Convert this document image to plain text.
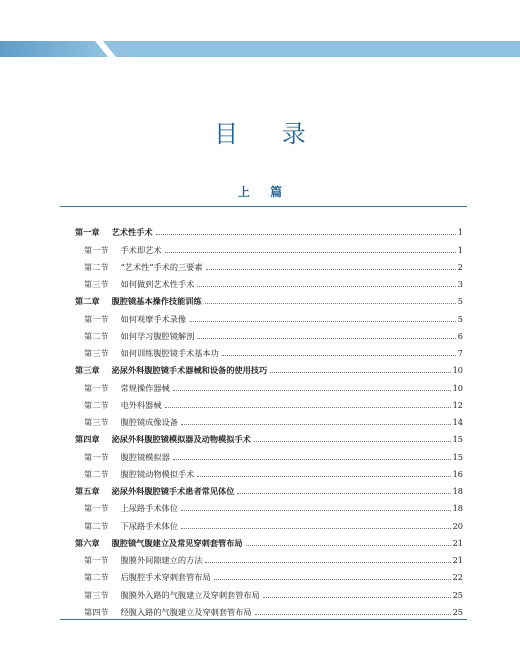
目 录
上 篇
第一章 艺术性手术	1
第一节 手术即艺术	1
第二节 “艺术性”手术的三要素	2
第三节 如何做到艺术性手术	3
第二章 腹腔镜基本操作技能训练	5
第一节 如何观摩手术录像	5
第二节 如何学习腹腔镜解剖	6
第三节 如何训练腹腔镜手术基本功	7
第三章 泌尿外科腹腔镜手术器械和设备的使用技巧	10
第一节 常规操作器械	10
第二节 电外科器械	12
第三节 腹腔镜成像设备	14
第四章 泌尿外科腹腔镜模拟器及动物模拟手术	15
第一节 腹腔镜模拟器	15
第二节 腹腔镜动物模拟手术	16
第五章 泌尿外科腹腔镜手术患者常见体位	18
第一节 上尿路手术体位	18
第二节 下尿路手术体位	20
第六章 腹腔镜气腹建立及常见穿刺套管布局	21
第一节 腹膜外间隙建立的方法	21
第二节 后腹腔手术穿刺套管布局	22
第三节 腹膜外入路的气腹建立及穿刺套管布局	25
第四节 经腹入路的气腹建立及穿刺套管布局	25
